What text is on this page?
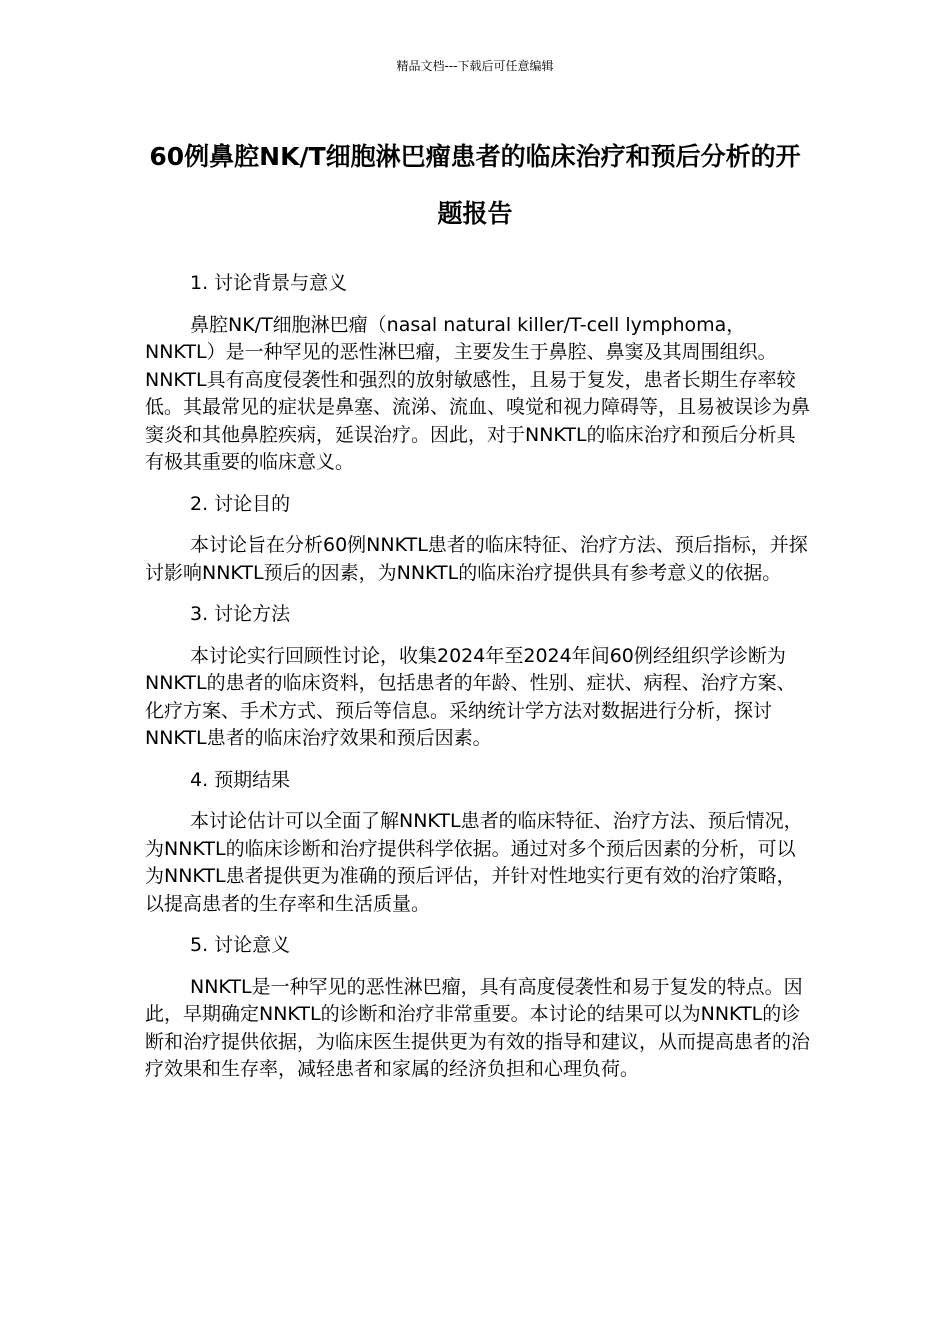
精品文档---下载后可任意编辑
60例鼻腔NK/T细胞淋巴瘤患者的临床治疗和预后分析的开题报告

1. 讨论背景与意义

鼻腔NK/T细胞淋巴瘤（nasal natural killer/T-cell lymphoma，NNKTL）是一种罕见的恶性淋巴瘤，主要发生于鼻腔、鼻窦及其周围组织。NNKTL具有高度侵袭性和强烈的放射敏感性，且易于复发，患者长期生存率较低。其最常见的症状是鼻塞、流涕、流血、嗅觉和视力障碍等，且易被误诊为鼻窦炎和其他鼻腔疾病，延误治疗。因此，对于NNKTL的临床治疗和预后分析具有极其重要的临床意义。

2. 讨论目的

本讨论旨在分析60例NNKTL患者的临床特征、治疗方法、预后指标，并探讨影响NNKTL预后的因素，为NNKTL的临床治疗提供具有参考意义的依据。

3. 讨论方法

本讨论实行回顾性讨论，收集2024年至2024年间60例经组织学诊断为NNKTL的患者的临床资料，包括患者的年龄、性别、症状、病程、治疗方案、化疗方案、手术方式、预后等信息。采纳统计学方法对数据进行分析，探讨NNKTL患者的临床治疗效果和预后因素。

4. 预期结果

本讨论估计可以全面了解NNKTL患者的临床特征、治疗方法、预后情况，为NNKTL的临床诊断和治疗提供科学依据。通过对多个预后因素的分析，可以为NNKTL患者提供更为准确的预后评估，并针对性地实行更有效的治疗策略，以提高患者的生存率和生活质量。

5. 讨论意义

NNKTL是一种罕见的恶性淋巴瘤，具有高度侵袭性和易于复发的特点。因此，早期确定NNKTL的诊断和治疗非常重要。本讨论的结果可以为NNKTL的诊断和治疗提供依据，为临床医生提供更为有效的指导和建议，从而提高患者的治疗效果和生存率，减轻患者和家属的经济负担和心理负荷。
